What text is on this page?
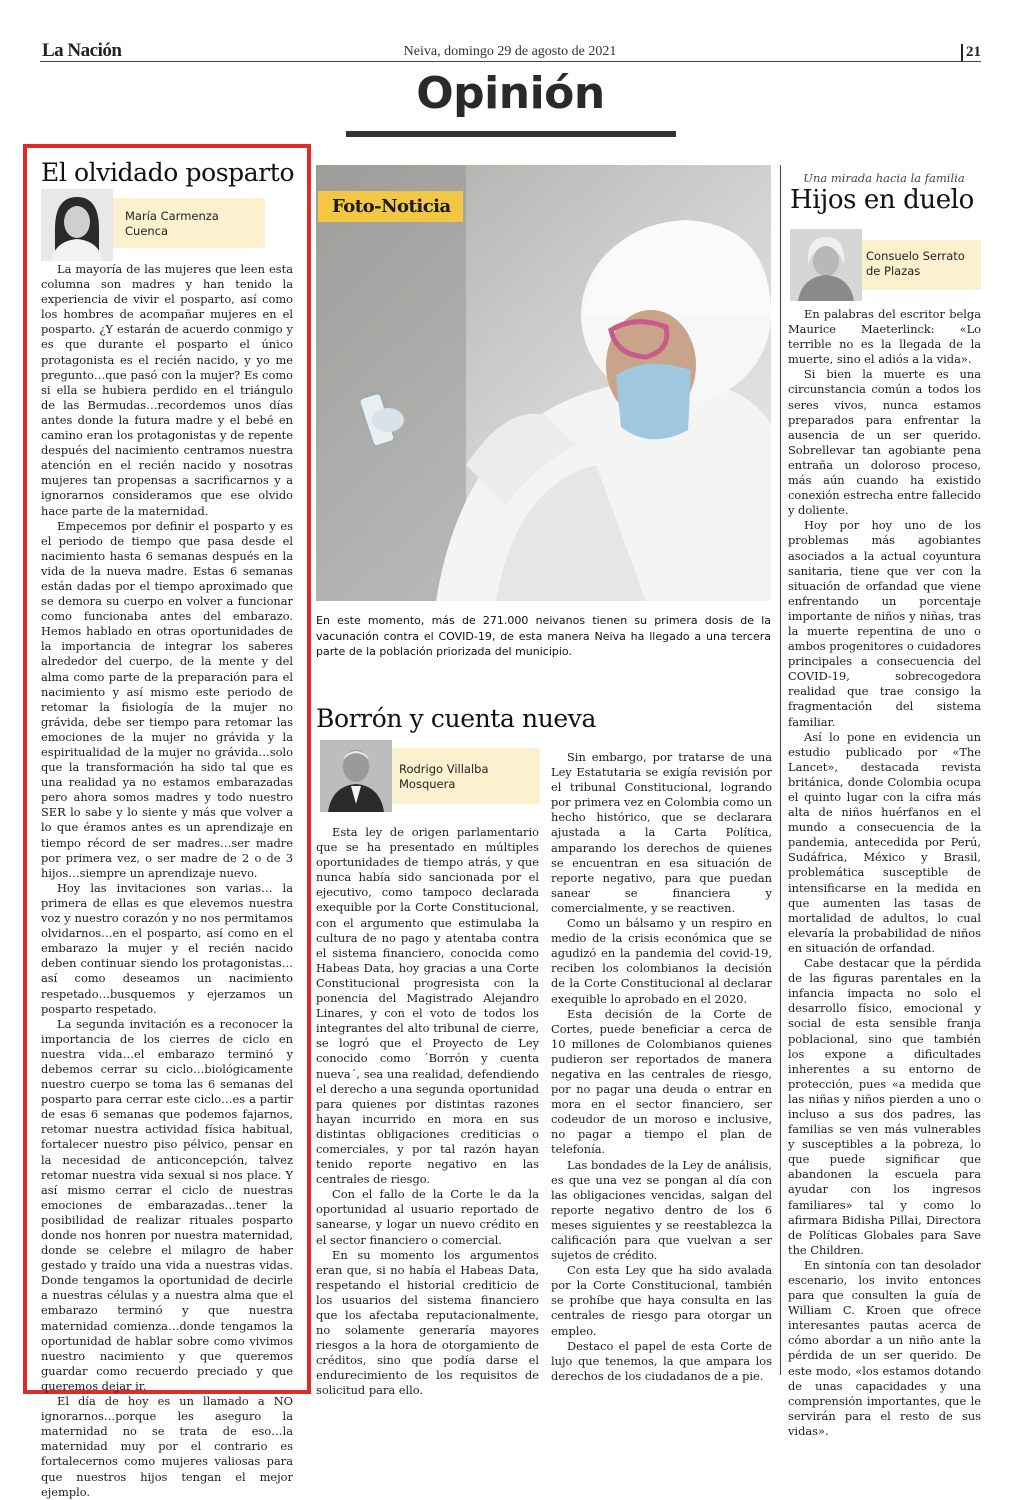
La Nación	Neiva, domingo 29 de agosto de 2021	21
Opinión
El olvidado posparto
María Carmenza Cuenca

La mayoría de las mujeres que leen esta columna son madres y han tenido la experiencia de vivir el posparto, así como los hombres de acompañar mujeres en el posparto. ¿Y estarán de acuerdo conmigo y es que durante el posparto el único protagonista es el recién nacido, y yo me pregunto…que pasó con la mujer? Es como si ella se hubiera perdido en el triángulo de las Bermudas…recordemos unos días antes donde la futura madre y el bebé en camino eran los protagonistas y de repente después del nacimiento centramos nuestra atención en el recién nacido y nosotras mujeres tan propensas a sacrificarnos y a ignorarnos consideramos que ese olvido hace parte de la maternidad.

Empecemos por definir el posparto y es el periodo de tiempo que pasa desde el nacimiento hasta 6 semanas después en la vida de la nueva madre. Estas 6 semanas están dadas por el tiempo aproximado que se demora su cuerpo en volver a funcionar como funcionaba antes del embarazo. Hemos hablado en otras oportunidades de la importancia de integrar los saberes alrededor del cuerpo, de la mente y del alma como parte de la preparación para el nacimiento y así mismo este periodo de retomar la fisiología de la mujer no grávida, debe ser tiempo para retomar las emociones de la mujer no grávida y la espiritualidad de la mujer no grávida…solo que la transformación ha sido tal que es una realidad ya no estamos embarazadas pero ahora somos madres y todo nuestro SER lo sabe y lo siente y más que volver a lo que éramos antes es un aprendizaje en tiempo récord de ser madres…ser madre por primera vez, o ser madre de 2 o de 3 hijos…siempre un aprendizaje nuevo.

Hoy las invitaciones son varias… la primera de ellas es que elevemos nuestra voz y nuestro corazón y no nos permitamos olvidarnos…en el posparto, así como en el embarazo la mujer y el recién nacido deben continuar siendo los protagonistas…así como deseamos un nacimiento respetado…busquemos y ejerzamos un posparto respetado.

La segunda invitación es a reconocer la importancia de los cierres de ciclo en nuestra vida…el embarazo terminó y debemos cerrar su ciclo…biológicamente nuestro cuerpo se toma las 6 semanas del posparto para cerrar este ciclo…es a partir de esas 6 semanas que podemos fajarnos, retomar nuestra actividad física habitual, fortalecer nuestro piso pélvico, pensar en la necesidad de anticoncepción, talvez retomar nuestra vida sexual si nos place. Y así mismo cerrar el ciclo de nuestras emociones de embarazadas…tener la posibilidad de realizar rituales posparto donde nos honren por nuestra maternidad, donde se celebre el milagro de haber gestado y traído una vida a nuestras vidas. Donde tengamos la oportunidad de decirle a nuestras células y a nuestra alma que el embarazo terminó y que nuestra maternidad comienza…donde tengamos la oportunidad de hablar sobre como vivimos nuestro nacimiento y que queremos guardar como recuerdo preciado y que queremos dejar ir.

El día de hoy es un llamado a NO ignorarnos…porque les aseguro la maternidad no se trata de eso…la maternidad muy por el contrario es fortalecernos como mujeres valiosas para que nuestros hijos tengan el mejor ejemplo.

Foto-Noticia
En este momento, más de 271.000 neivanos tienen su primera dosis de la vacunación contra el COVID-19, de esta manera Neiva ha llegado a una tercera parte de la población priorizada del municipio.
Borrón y cuenta nueva
Rodrigo Villalba Mosquera

Esta ley de origen parlamentario que se ha presentado en múltiples oportunidades de tiempo atrás, y que nunca había sido sancionada por el ejecutivo, como tampoco declarada exequible por la Corte Constitucional, con el argumento que estimulaba la cultura de no pago y atentaba contra el sistema financiero, conocida como Habeas Data, hoy gracias a una Corte Constitucional progresista con la ponencia del Magistrado Alejandro Linares, y con el voto de todos los integrantes del alto tribunal de cierre, se logró que el Proyecto de Ley conocido como ´Borrón y cuenta nueva´, sea una realidad, defendiendo el derecho a una segunda oportunidad para quienes por distintas razones hayan incurrido en mora en sus distintas obligaciones crediticias o comerciales, y por tal razón hayan tenido reporte negativo en las centrales de riesgo.

Con el fallo de la Corte le da la oportunidad al usuario reportado de sanearse, y logar un nuevo crédito en el sector financiero o comercial.

En su momento los argumentos eran que, si no había el Habeas Data, respetando el historial crediticio de los usuarios del sistema financiero que los afectaba reputacionalmente, no solamente generaría mayores riesgos a la hora de otorgamiento de créditos, sino que podía darse el endurecimiento de los requisitos de solicitud para ello.

Sin embargo, por tratarse de una Ley Estatutaria se exigía revisión por el tribunal Constitucional, logrando por primera vez en Colombia como un hecho histórico, que se declarara ajustada a la Carta Política, amparando los derechos de quienes se encuentran en esa situación de reporte negativo, para que puedan sanear se financiera y comercialmente, y se reactiven.

Como un bálsamo y un respiro en medio de la crisis económica que se agudizó en la pandemia del covid-19, reciben los colombianos la decisión de la Corte Constitucional al declarar exequible lo aprobado en el 2020.

Esta decisión de la Corte de Cortes, puede beneficiar a cerca de 10 millones de Colombianos quienes pudieron ser reportados de manera negativa en las centrales de riesgo, por no pagar una deuda o entrar en mora en el sector financiero, ser codeudor de un moroso e inclusive, no pagar a tiempo el plan de telefonía.

Las bondades de la Ley de análisis, es que una vez se pongan al día con las obligaciones vencidas, salgan del reporte negativo dentro de los 6 meses siguientes y se reestablezca la calificación para que vuelvan a ser sujetos de crédito.

Con esta Ley que ha sido avalada por la Corte Constitucional, también se prohíbe que haya consulta en las centrales de riesgo para otorgar un empleo.

Destaco el papel de esta Corte de lujo que tenemos, la que ampara los derechos de los ciudadanos de a pie.

Una mirada hacia la familia
Hijos en duelo
Consuelo Serrato de Plazas

En palabras del escritor belga Maurice Maeterlinck: «Lo terrible no es la llegada de la muerte, sino el adiós a la vida».

Si bien la muerte es una circunstancia común a todos los seres vivos, nunca estamos preparados para enfrentar la ausencia de un ser querido. Sobrellevar tan agobiante pena entraña un doloroso proceso, más aún cuando ha existido conexión estrecha entre fallecido y doliente.

Hoy por hoy uno de los problemas más agobiantes asociados a la actual coyuntura sanitaria, tiene que ver con la situación de orfandad que viene enfrentando un porcentaje importante de niños y niñas, tras la muerte repentina de uno o ambos progenitores o cuidadores principales a consecuencia del COVID-19, sobrecogedora realidad que trae consigo la fragmentación del sistema familiar.

Así lo pone en evidencia un estudio publicado por «The Lancet», destacada revista británica, donde Colombia ocupa el quinto lugar con la cifra más alta de niños huérfanos en el mundo a consecuencia de la pandemia, antecedida por Perú, Sudáfrica, México y Brasil, problemática susceptible de intensificarse en la medida en que aumenten las tasas de mortalidad de adultos, lo cual elevaría la probabilidad de niños en situación de orfandad.

Cabe destacar que la pérdida de las figuras parentales en la infancia impacta no solo el desarrollo físico, emocional y social de esta sensible franja poblacional, sino que también los expone a dificultades inherentes a su entorno de protección, pues «a medida que las niñas y niños pierden a uno o incluso a sus dos padres, las familias se ven más vulnerables y susceptibles a la pobreza, lo que puede significar que abandonen la escuela para ayudar con los ingresos familiares» tal y como lo afirmara Bidisha Pillai, Directora de Políticas Globales para Save the Children.

En sintonía con tan desolador escenario, los invito entonces para que consulten la guía de William C. Kroen que ofrece interesantes pautas acerca de cómo abordar a un niño ante la pérdida de un ser querido. De este modo, «los estamos dotando de unas capacidades y una comprensión importantes, que le servirán para el resto de sus vidas».
